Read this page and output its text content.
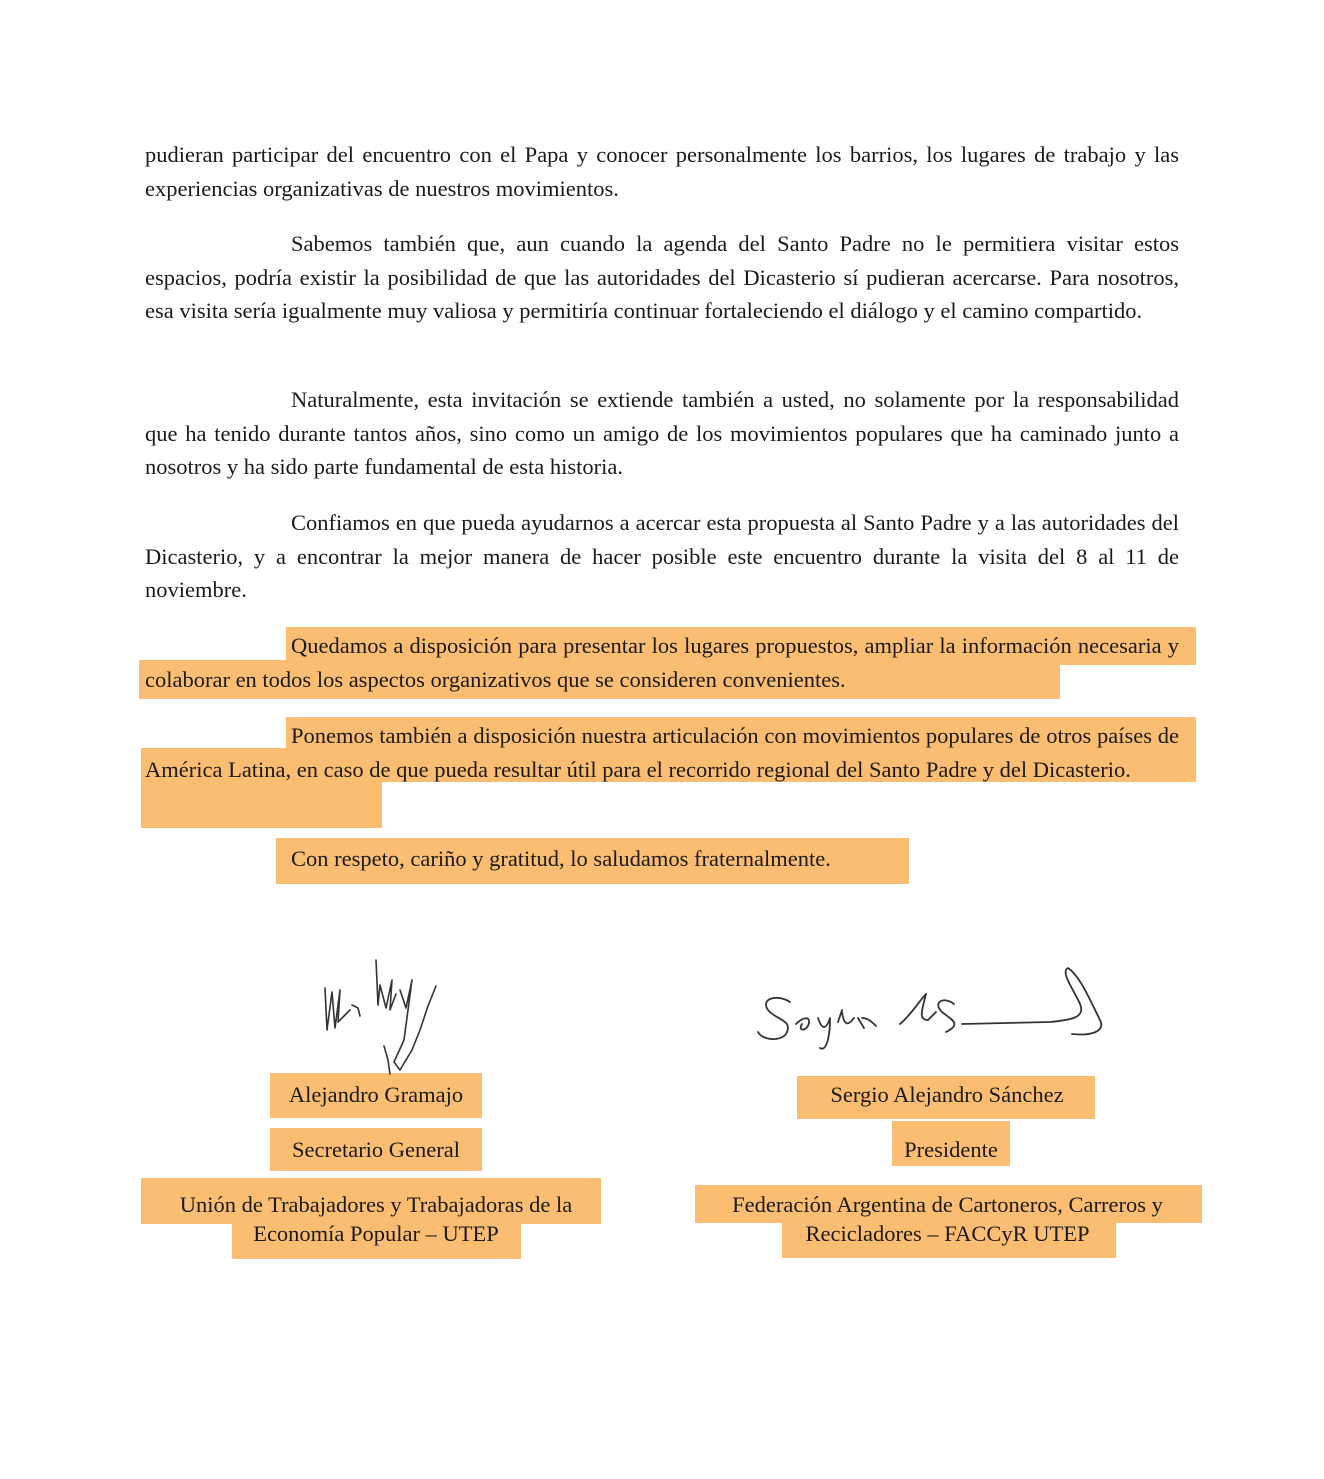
pudieran participar del encuentro con el Papa y conocer personalmente los barrios, los lugares de trabajo y las experiencias organizativas de nuestros movimientos.

Sabemos también que, aun cuando la agenda del Santo Padre no le permitiera visitar estos espacios, podría existir la posibilidad de que las autoridades del Dicasterio sí pudieran acercarse. Para nosotros, esa visita sería igualmente muy valiosa y permitiría continuar fortaleciendo el diálogo y el camino compartido.

Naturalmente, esta invitación se extiende también a usted, no solamente por la responsabilidad que ha tenido durante tantos años, sino como un amigo de los movimientos populares que ha caminado junto a nosotros y ha sido parte fundamental de esta historia.

Confiamos en que pueda ayudarnos a acercar esta propuesta al Santo Padre y a las autoridades del Dicasterio, y a encontrar la mejor manera de hacer posible este encuentro durante la visita del 8 al 11 de noviembre.

Quedamos a disposición para presentar los lugares propuestos, ampliar la información necesaria y colaborar en todos los aspectos organizativos que se consideren convenientes.

Ponemos también a disposición nuestra articulación con movimientos populares de otros países de América Latina, en caso de que pueda resultar útil para el recorrido regional del Santo Padre y del Dicasterio.

Con respeto, cariño y gratitud, lo saludamos fraternalmente.

Alejandro Gramajo

Secretario General

Unión de Trabajadores y Trabajadoras de la

Economía Popular – UTEP

Sergio Alejandro Sánchez

Presidente

Federación Argentina de Cartoneros, Carreros y

Recicladores – FACCyR UTEP
